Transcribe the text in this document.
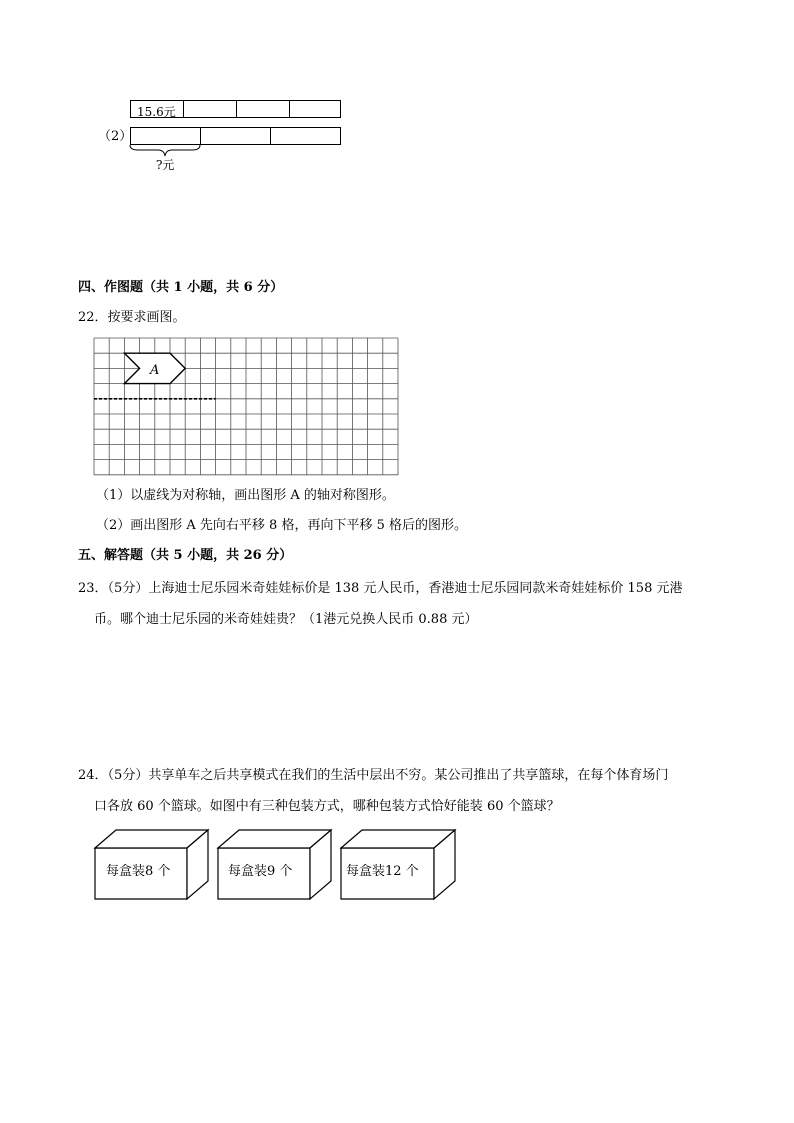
15.6元
（2）
?元
四、作图题（共 1 小题，共 6 分）
22．按要求画图。
A
（1）以虚线为对称轴，画出图形 A 的轴对称图形。
（2）画出图形 A 先向右平移 8 格，再向下平移 5 格后的图形。
五、解答题（共 5 小题，共 26 分）
23．（5分）上海迪士尼乐园米奇娃娃标价是 138 元人民币，香港迪士尼乐园同款米奇娃娃标价 158 元港
币。哪个迪士尼乐园的米奇娃娃贵？（1港元兑换人民币 0.88 元）
24．（5分）共享单车之后共享模式在我们的生活中层出不穷。某公司推出了共享篮球，在每个体育场门
口各放 60 个篮球。如图中有三种包装方式，哪种包装方式恰好能装 60 个篮球？
每盒装8 个	每盒装9 个	每盒装12 个
